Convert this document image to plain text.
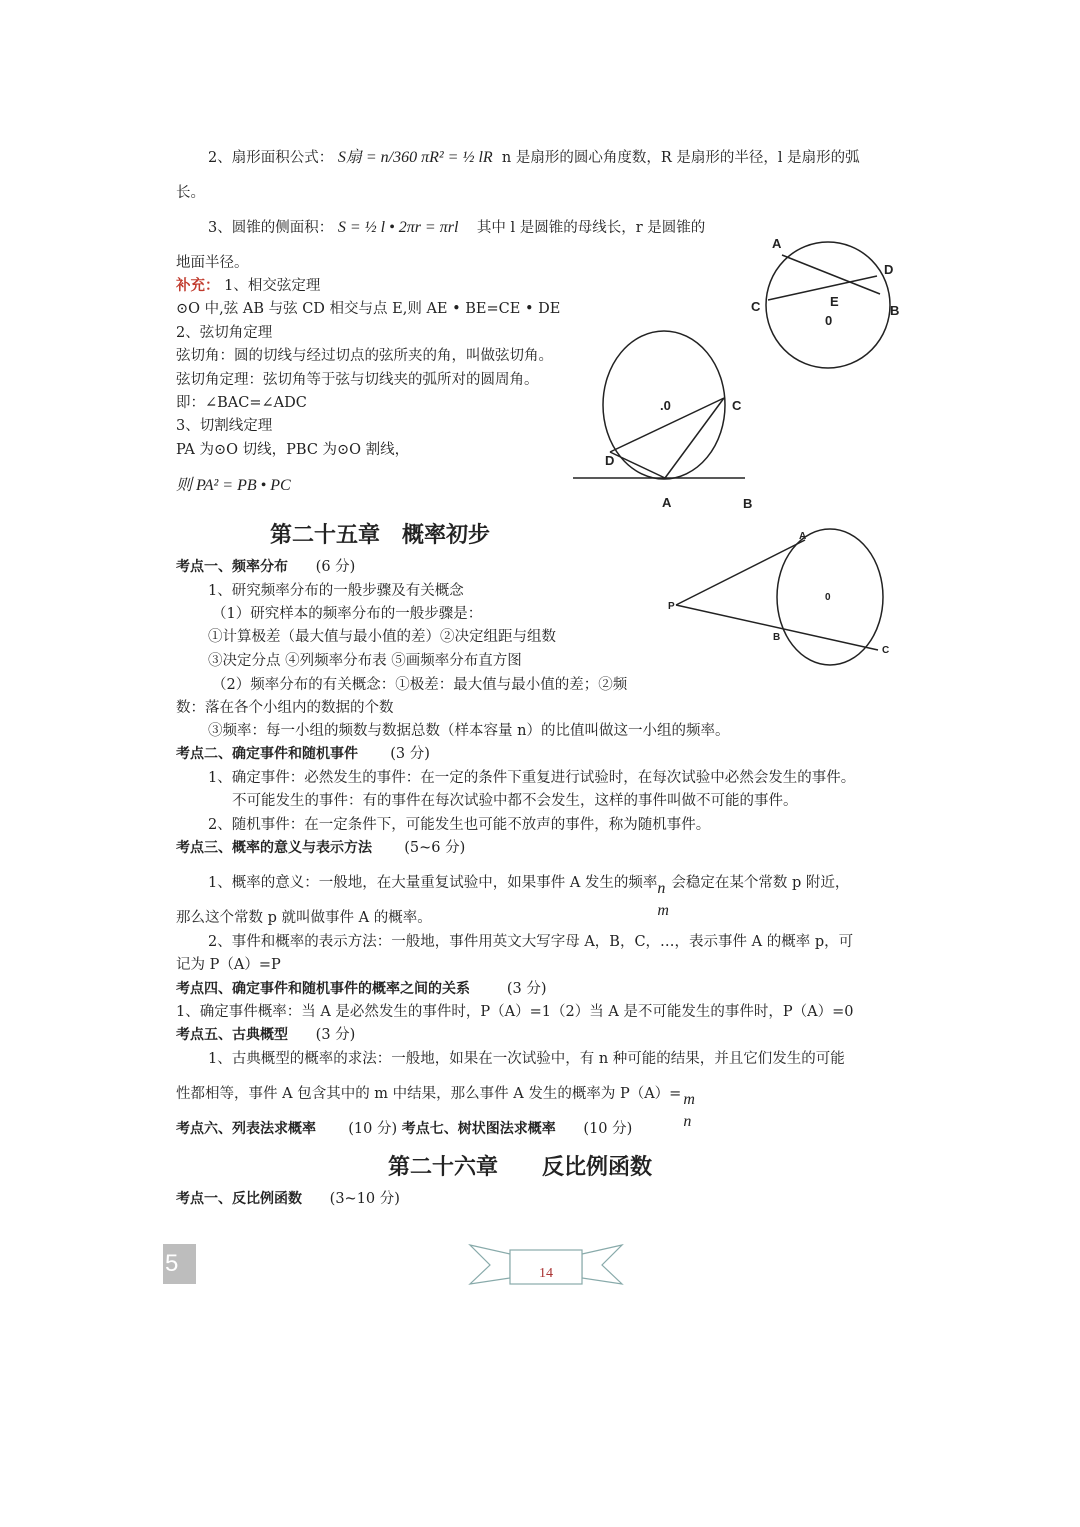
2、扇形面积公式： S扇 = n/360 πR² = ½ lR n 是扇形的圆心角度数，R 是扇形的半径，l 是扇形的弧
长。
3、圆锥的侧面积： S = ½ l • 2πr = πrl 其中 l 是圆锥的母线长，r 是圆锥的
地面半径。
补充： 1、相交弦定理
⊙O 中,弦 AB 与弦 CD 相交与点 E,则 AE • BE=CE • DE
2、弦切角定理
弦切角：圆的切线与经过切点的弦所夹的角，叫做弦切角。
弦切角定理：弦切角等于弦与切线夹的弧所对的圆周角。
即：∠BAC=∠ADC
3、切割线定理
PA 为⊙O 切线，PBC 为⊙O 割线，
则 PA² = PB • PC
A
D
C	B
E
0
.0	C
D
A	B
A
0
P
B
C
第二十五章　概率初步
考点一、频率分布 (6 分)
1、研究频率分布的一般步骤及有关概念
（1）研究样本的频率分布的一般步骤是：
①计算极差（最大值与最小值的差）②决定组距与组数
③决定分点 ④列频率分布表 ⑤画频率分布直方图
（2）频率分布的有关概念：①极差：最大值与最小值的差；②频
数：落在各个小组内的数据的个数
③频率：每一小组的频数与数据总数（样本容量 n）的比值叫做这一小组的频率。
考点二、确定事件和随机事件 (3 分)
1、确定事件：必然发生的事件：在一定的条件下重复进行试验时，在每次试验中必然会发生的事件。
不可能发生的事件：有的事件在每次试验中都不会发生，这样的事件叫做不可能的事件。
2、随机事件：在一定条件下，可能发生也可能不放声的事件，称为随机事件。
考点三、概率的意义与表示方法 (5~6 分)
1、概率的意义：一般地，在大量重复试验中，如果事件 A 发生的频率 n
m
会稳定在某个常数 p 附近，
那么这个常数 p 就叫做事件 A 的概率。
2、事件和概率的表示方法：一般地，事件用英文大写字母 A，B，C，…，表示事件 A 的概率 p，可
记为 P（A）=P
考点四、确定事件和随机事件的概率之间的关系	(3 分)
1、确定事件概率：当 A 是必然发生的事件时，P（A）=1（2）当 A 是不可能发生的事件时，P（A）=0
考点五、古典概型 (3 分)
1、古典概型的概率的求法：一般地，如果在一次试验中，有 n 种可能的结果，并且它们发生的可能
性都相等，事件 A 包含其中的 m 中结果，那么事件 A 发生的概率为 P（A）= m
n
考点六、列表法求概率 (10 分) 考点七、树状图法求概率 (10 分)
第二十六章　　反比例函数
考点一、反比例函数 (3~10 分)
5	14
